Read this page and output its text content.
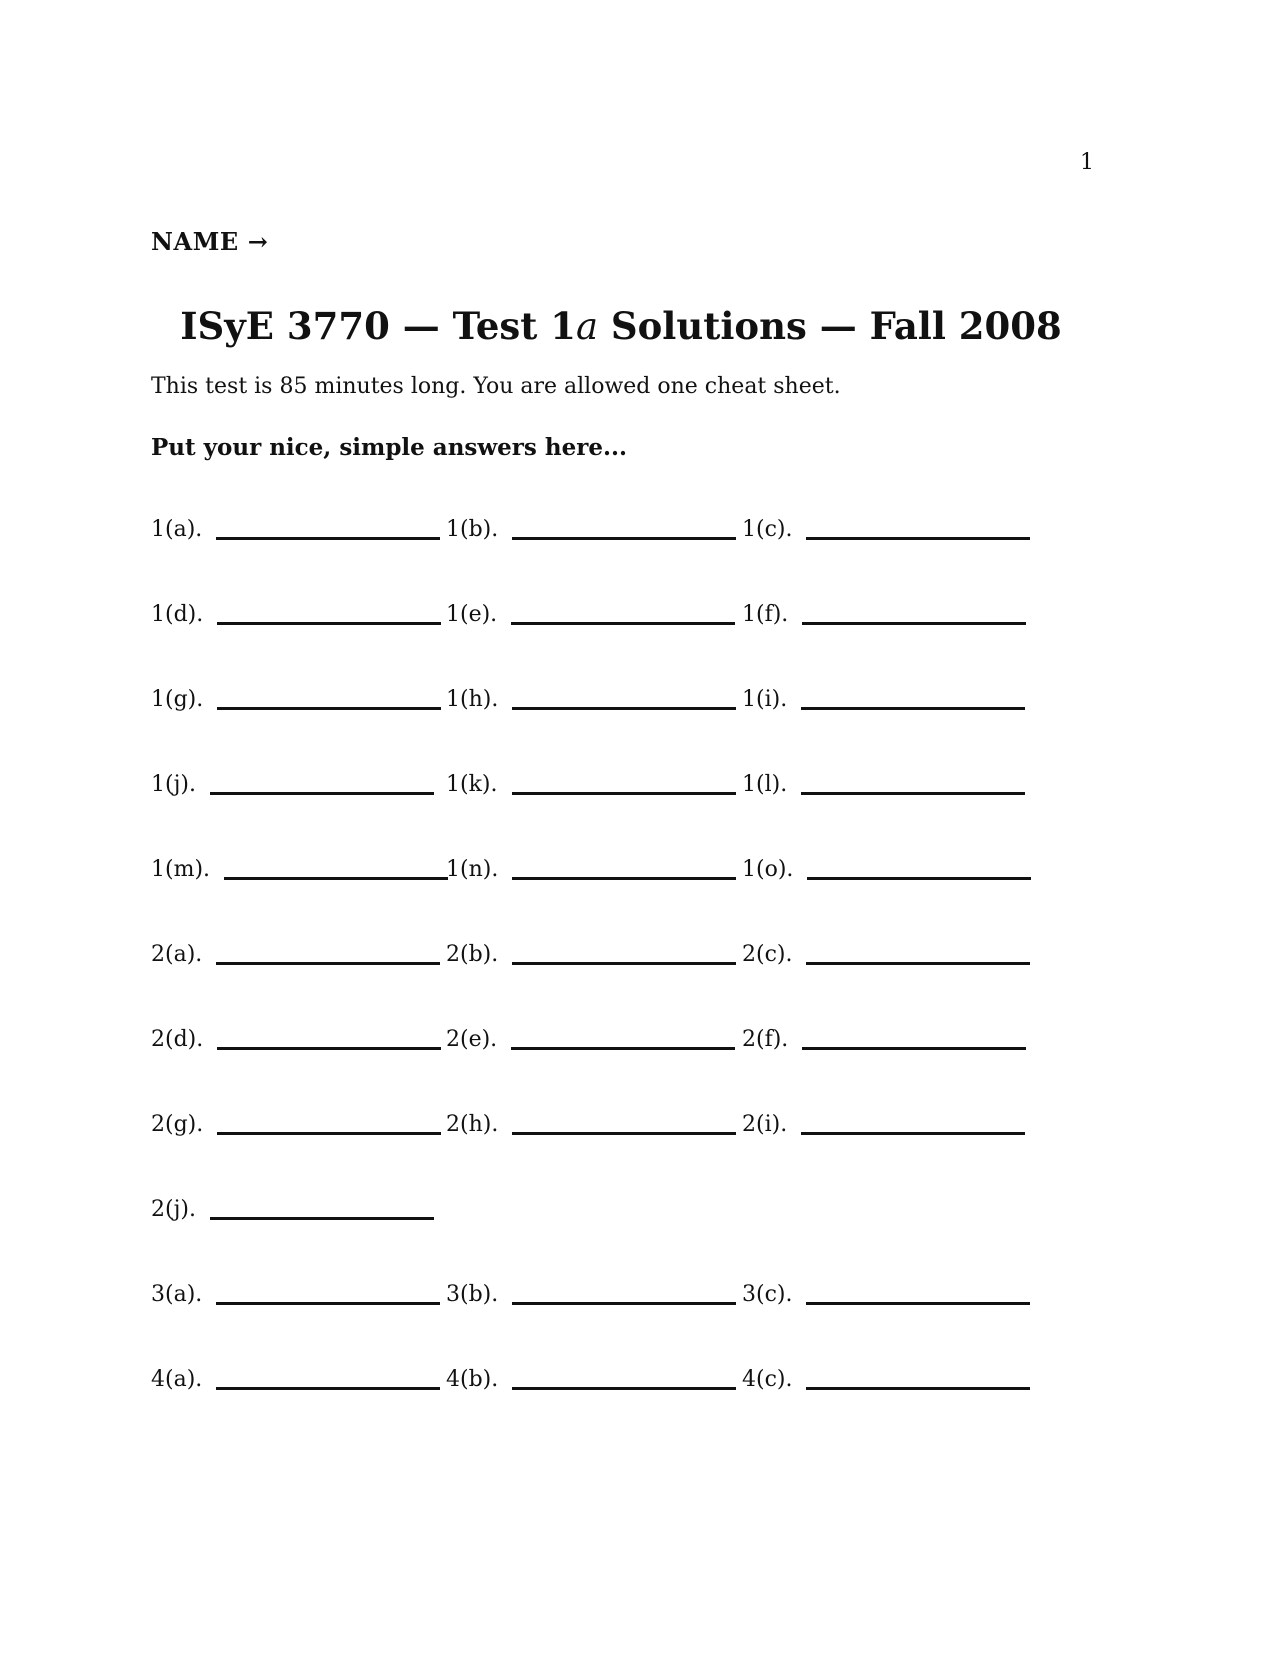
1
NAME →
ISyE 3770 — Test 1a Solutions — Fall 2008
This test is 85 minutes long. You are allowed one cheat sheet.
Put your nice, simple answers here...
1(a).	1(b).	1(c).
1(d).	1(e).	1(f).
1(g).	1(h).	1(i).
1(j).	1(k).	1(l).
1(m).	1(n).	1(o).
2(a).	2(b).	2(c).
2(d).	2(e).	2(f).
2(g).	2(h).	2(i).
2(j).
3(a).	3(b).	3(c).
4(a).	4(b).	4(c).
